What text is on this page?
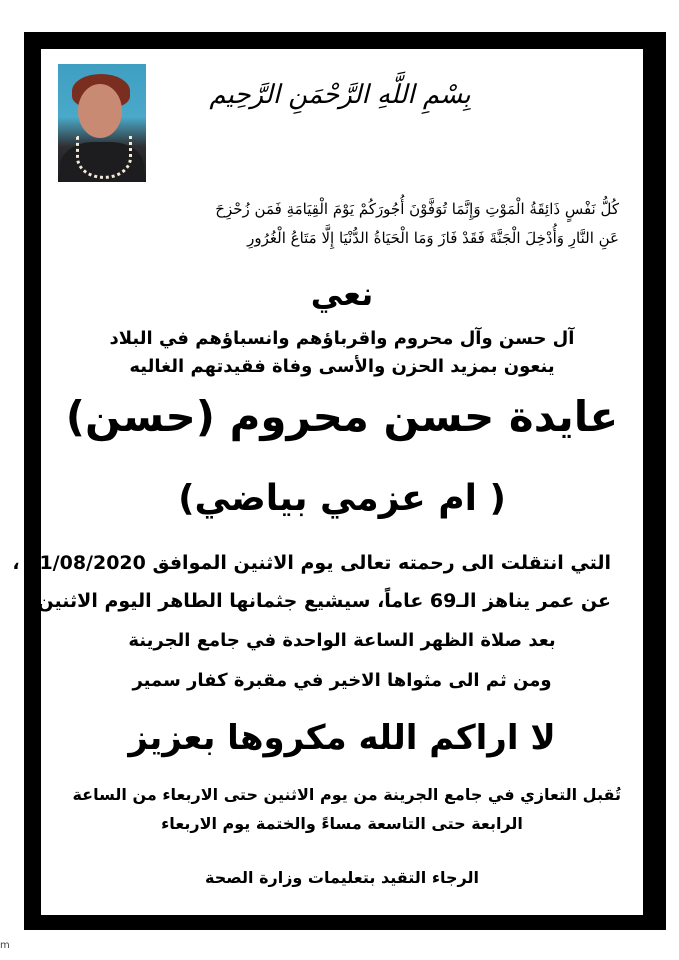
بِسْمِ اللَّهِ الرَّحْمَنِ الرَّحِيم
كُلُّ نَفْسٍ ذَائِقَةُ الْمَوْتِ وَإِنَّمَا تُوَفَّوْنَ أُجُورَكُمْ يَوْمَ الْقِيَامَةِ فَمَن زُحْزِحَ
عَنِ النَّارِ وَأُدْخِلَ الْجَنَّةَ فَقَدْ فَازَ وَمَا الْحَيَاةُ الدُّنْيَا إِلَّا مَتَاعُ الْغُرُورِ
نعي
آل حسن وآل محروم واقرباؤهم وانسباؤهم في البلاد
ينعون بمزيد الحزن والأسى وفاة فقيدتهم الغاليه
عايدة حسن محروم (حسن)
( ام عزمي بياضي)
التي انتقلت الى رحمته تعالى يوم الاثنين الموافق 31/08/2020 ،
عن عمر يناهز الـ69 عاماً، سيشيع جثمانها الطاهر اليوم الاثنين
بعد صلاة الظهر الساعة الواحدة في جامع الجرينة
ومن ثم الى مثواها الاخير في مقبرة كفار سمير
لا اراكم الله مكروها بعزيز
تُقبل التعازي في جامع الجرينة من يوم الاثنين حتى الاربعاء من الساعة
الرابعة حتى التاسعة مساءً والختمة يوم الاربعاء
الرجاء التقيد بتعليمات وزارة الصحة
m
